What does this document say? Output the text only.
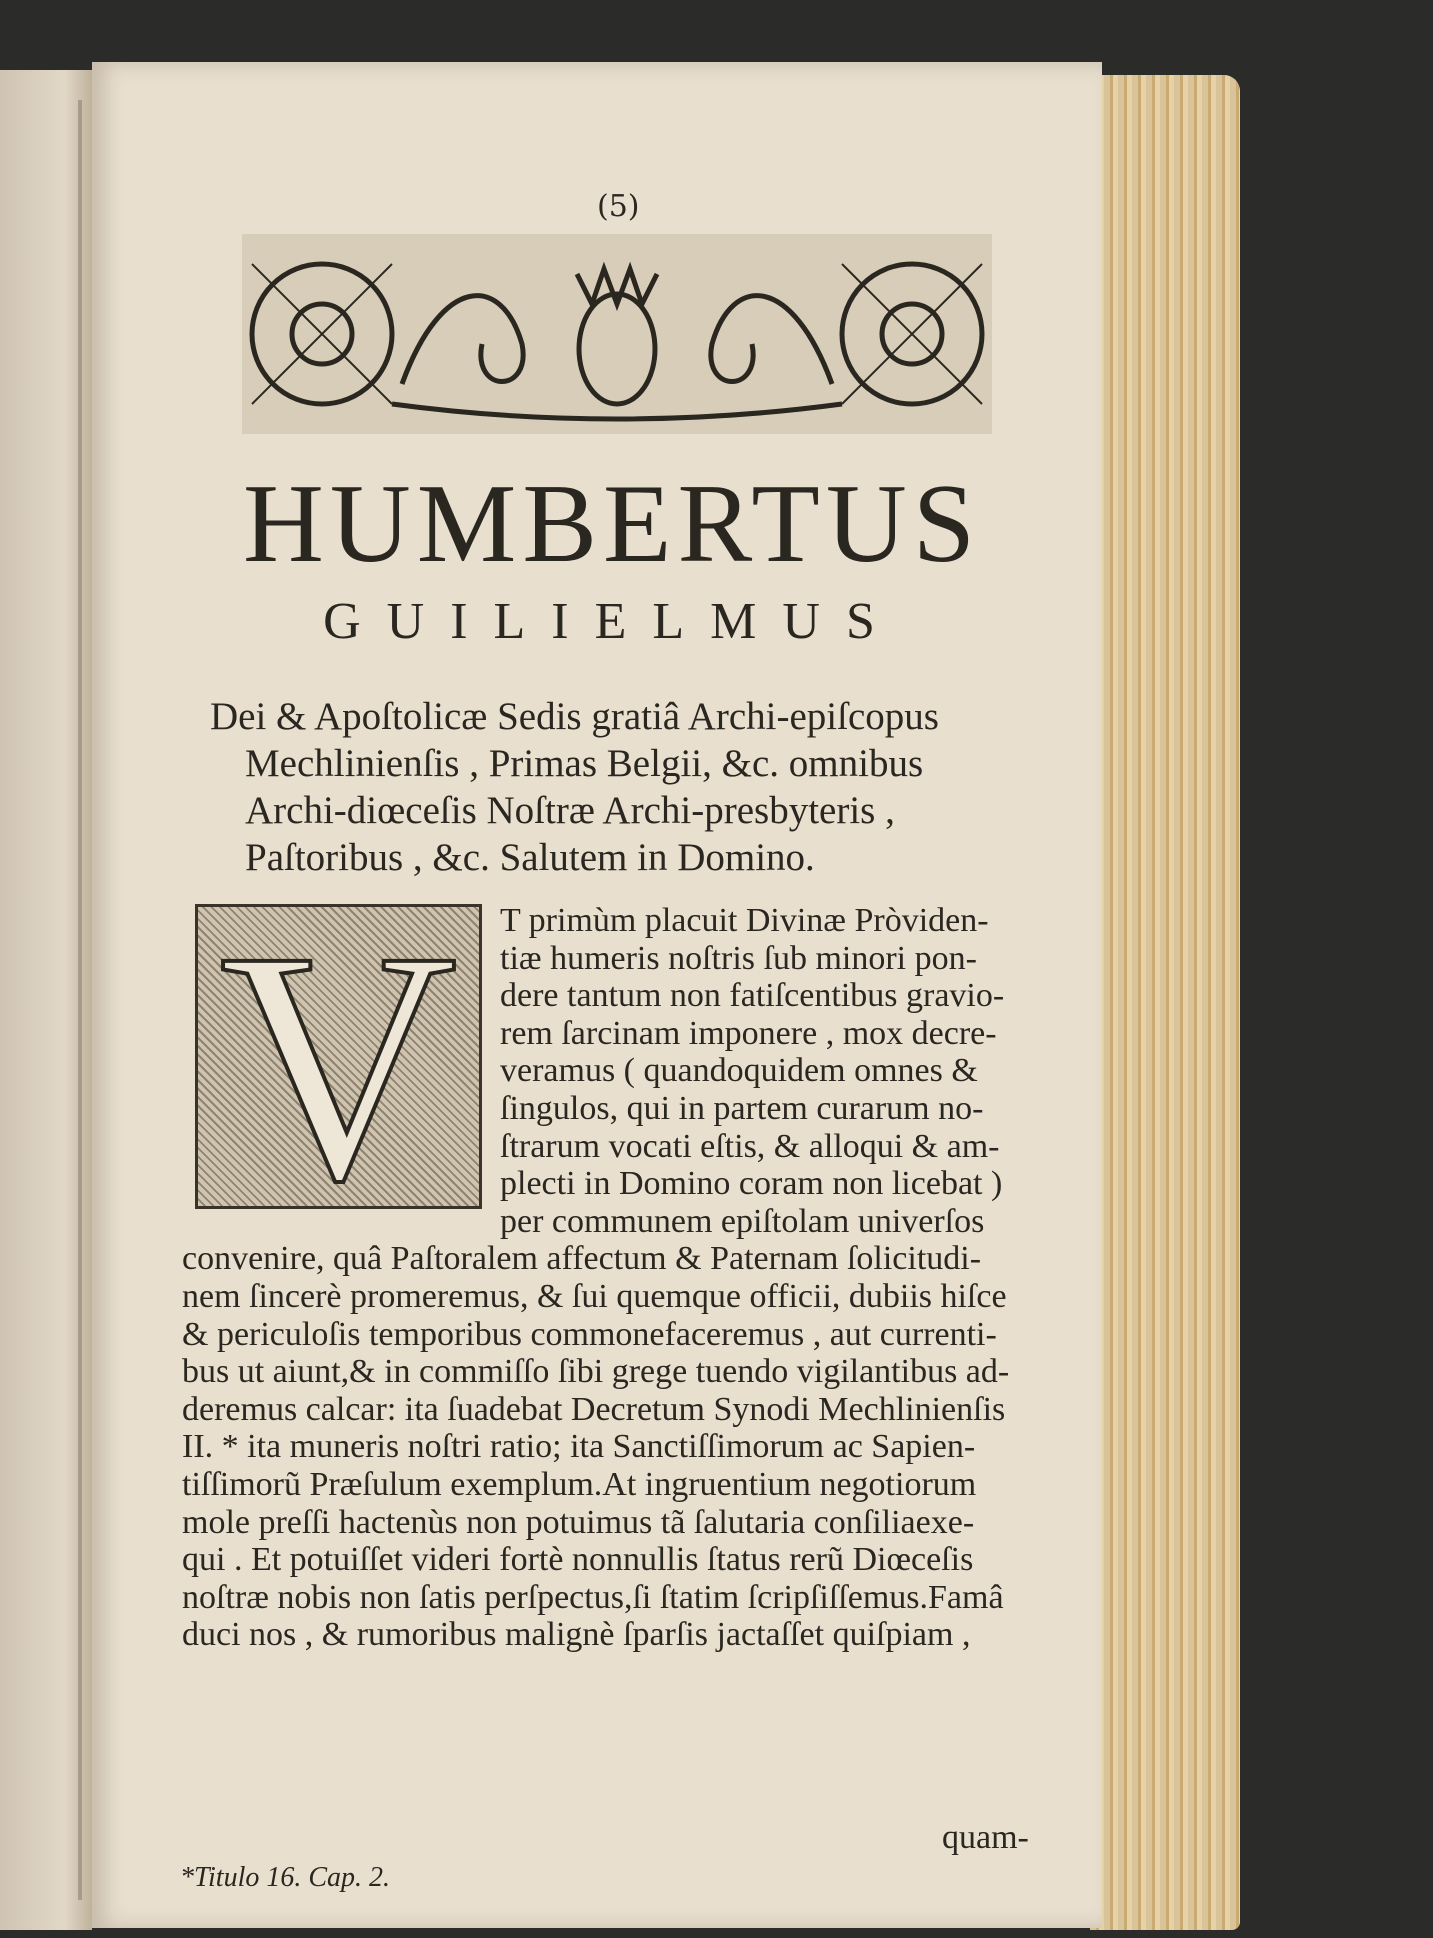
(5)
HUMBERTUS
GUILIELMUS
Dei & Apoſtolicæ Sedis gratiâ Archi-epiſcopus
Mechlinienſis , Primas Belgii, &c. omnibus
Archi-diœceſis Noſtræ Archi-presbyteris ,
Paſtoribus , &c. Salutem in Domino.
V	T primùm placuit Divinæ Pròviden-
tiæ humeris noſtris ſub minori pon-
dere tantum non fatiſcentibus gravio-
rem ſarcinam imponere , mox decre-
veramus ( quandoquidem omnes &
ſingulos, qui in partem curarum no-
ſtrarum vocati eſtis, & alloqui & am-
plecti in Domino coram non licebat )
per communem epiſtolam univerſos
convenire, quâ Paſtoralem affectum & Paternam ſolicitudi-
nem ſincerè promeremus, & ſui quemque officii, dubiis hiſce
& periculoſis temporibus commonefaceremus , aut currenti-
bus ut aiunt,& in commiſſo ſibi grege tuendo vigilantibus ad-
deremus calcar: ita ſuadebat Decretum Synodi Mechlinienſis
II. * ita muneris noſtri ratio; ita Sanctiſſimorum ac Sapien-
tiſſimorũ Præſulum exemplum.At ingruentium negotiorum
mole preſſi hactenùs non potuimus tã ſalutaria conſiliaexe-
qui . Et potuiſſet videri fortè nonnullis ſtatus rerũ Diœceſis
noſtræ nobis non ſatis perſpectus,ſi ſtatim ſcripſiſſemus.Famâ
duci nos , & rumoribus malignè ſparſis jactaſſet quiſpiam ,
quam-
*Titulo 16. Cap. 2.
